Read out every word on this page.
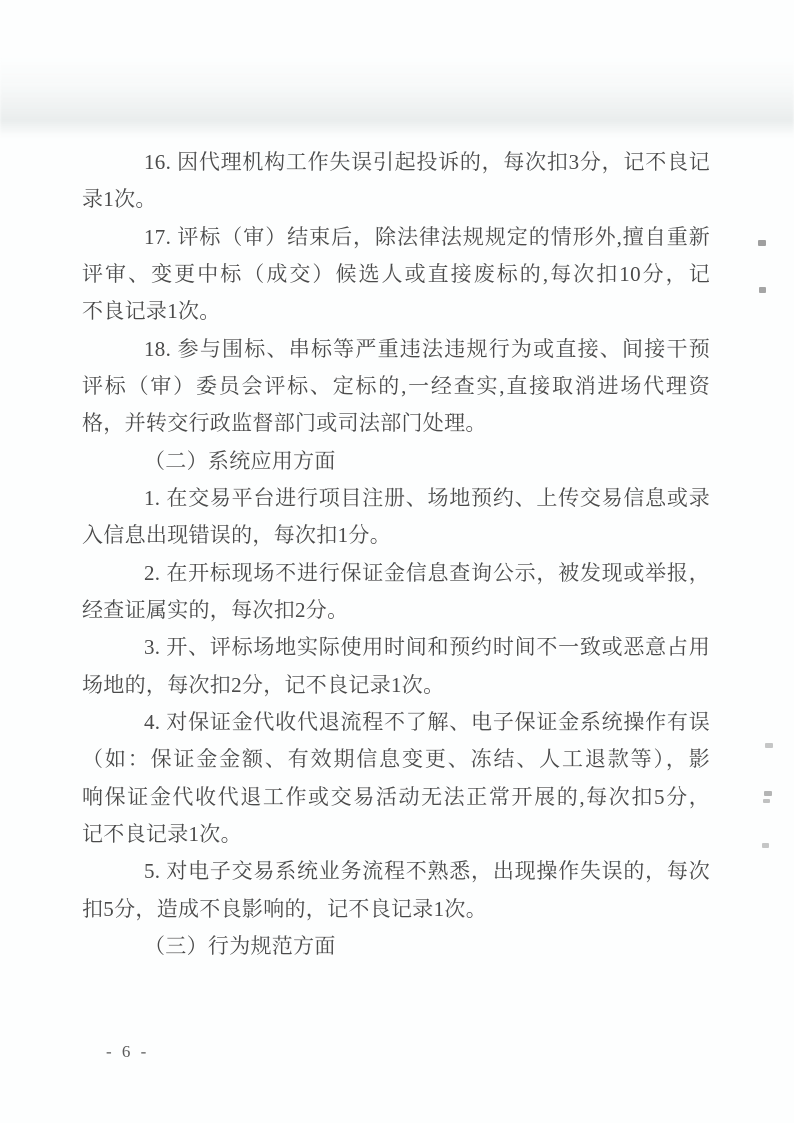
16. 因代理机构工作失误引起投诉的，每次扣3分，记不良记
录1次。
17. 评标（审）结束后，除法律法规规定的情形外,擅自重新
评审、变更中标（成交）候选人或直接废标的,每次扣10分，记
不良记录1次。
18. 参与围标、串标等严重违法违规行为或直接、间接干预
评标（审）委员会评标、定标的,一经查实,直接取消进场代理资
格，并转交行政监督部门或司法部门处理。
（二）系统应用方面
1. 在交易平台进行项目注册、场地预约、上传交易信息或录
入信息出现错误的，每次扣1分。
2. 在开标现场不进行保证金信息查询公示，被发现或举报，
经查证属实的，每次扣2分。
3. 开、评标场地实际使用时间和预约时间不一致或恶意占用
场地的，每次扣2分，记不良记录1次。
4. 对保证金代收代退流程不了解、电子保证金系统操作有误
（如：保证金金额、有效期信息变更、冻结、人工退款等），影
响保证金代收代退工作或交易活动无法正常开展的,每次扣5分，
记不良记录1次。
5. 对电子交易系统业务流程不熟悉，出现操作失误的，每次
扣5分，造成不良影响的，记不良记录1次。
（三）行为规范方面
- 6 -
